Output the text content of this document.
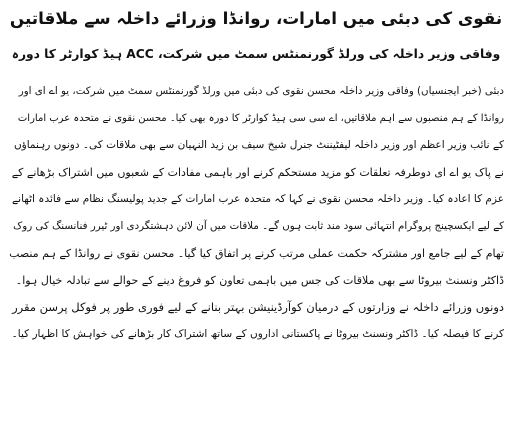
نقوی کی دبئی میں امارات، روانڈا وزرائے داخلہ سے ملاقاتیں
وفاقی وزیر داخلہ کی ورلڈ گورنمنٹس سمٹ میں شرکت، ACC ہیڈ کوارٹر کا دورہ

دبئی (خبر ایجنسیاں) وفاقی وزیر داخلہ محسن نقوی کی دبئی میں ورلڈ گورنمنٹس سمٹ میں شرکت، یو اے ای اور

روانڈا کے ہم منصبوں سے اہم ملاقاتیں، اے سی سی ہیڈ کوارٹر کا دورہ بھی کیا۔ محسن نقوی نے متحدہ عرب امارات

کے نائب وزیر اعظم اور وزیر داخلہ لیفٹیننٹ جنرل شیخ سیف بن زید النہیان سے بھی ملاقات کی۔ دونوں رہنماؤں

نے پاک یو اے ای دوطرفہ تعلقات کو مزید مستحکم کرنے اور باہمی مفادات کے شعبوں میں اشتراک بڑھانے کے

عزم کا اعادہ کیا۔ وزیر داخلہ محسن نقوی نے کہا کہ متحدہ عرب امارات کے جدید پولیسنگ نظام سے فائدہ اٹھانے

کے لیے ایکسچینج پروگرام انتہائی سود مند ثابت ہوں گے۔ ملاقات میں آن لائن دہشتگردی اور ٹیرر فنانسنگ کی روک

تھام کے لیے جامع اور مشترکہ حکمت عملی مرتب کرنے پر اتفاق کیا گیا۔ محسن نقوی نے روانڈا کے ہم منصب

ڈاکٹر ونسنٹ بیروٹا سے بھی ملاقات کی جس میں باہمی تعاون کو فروغ دینے کے حوالے سے تبادلہ خیال ہوا۔

دونوں وزرائے داخلہ نے وزارتوں کے درمیان کوآرڈینیشن بہتر بنانے کے لیے فوری طور پر فوکل پرسن مقرر

کرنے کا فیصلہ کیا۔ ڈاکٹر ونسنٹ بیروٹا نے پاکستانی اداروں کے ساتھ اشتراک کار بڑھانے کی خواہش کا اظہار کیا۔
